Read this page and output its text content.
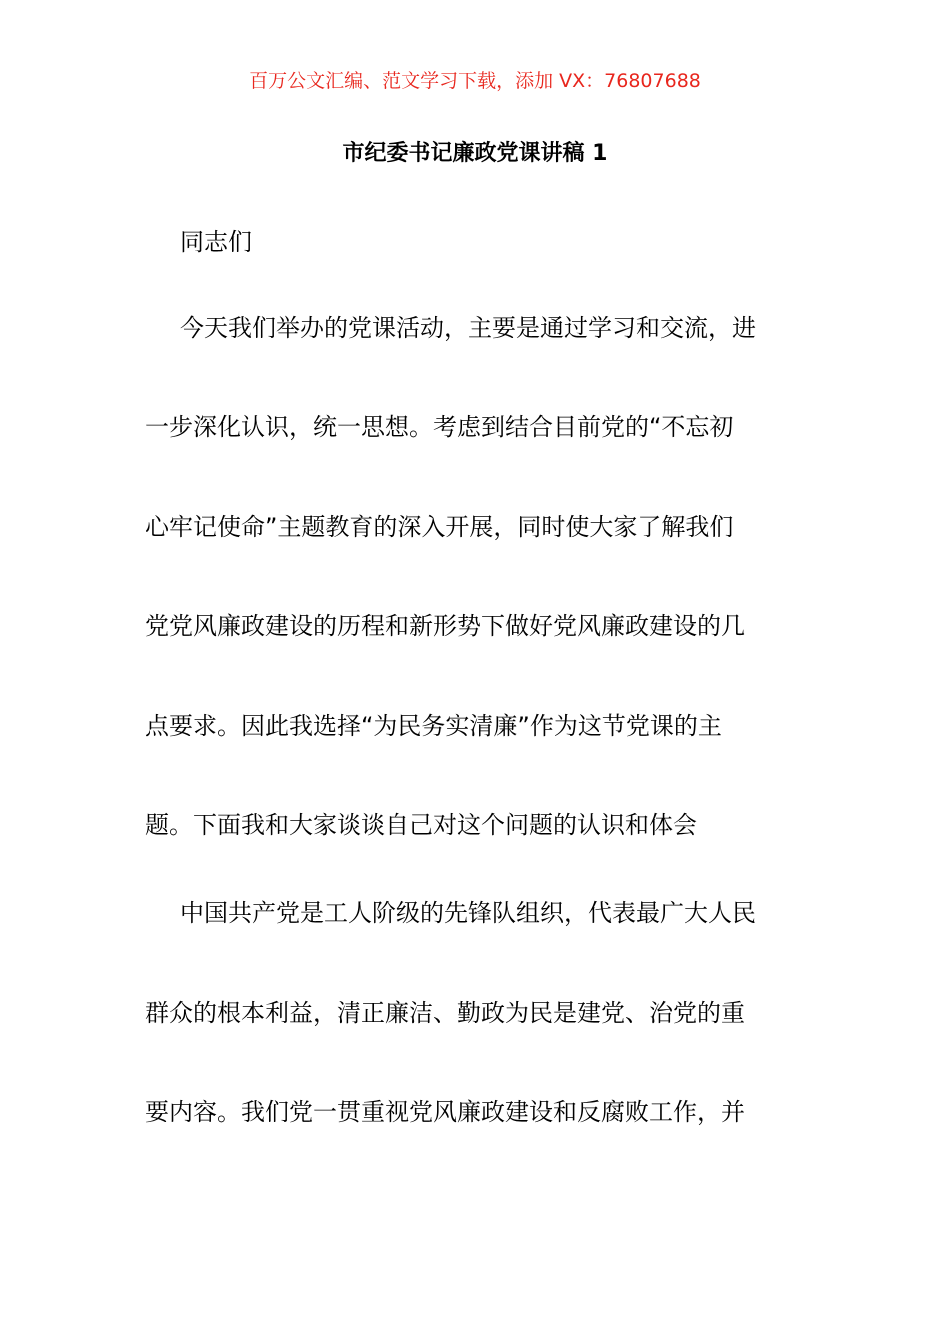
百万公文汇编、范文学习下载，添加 VX：76807688
市纪委书记廉政党课讲稿 1
同志们
今天我们举办的党课活动，主要是通过学习和交流，进
一步深化认识，统一思想。考虑到结合目前党的“不忘初
心牢记使命”主题教育的深入开展，同时使大家了解我们
党党风廉政建设的历程和新形势下做好党风廉政建设的几
点要求。因此我选择“为民务实清廉”作为这节党课的主
题。下面我和大家谈谈自己对这个问题的认识和体会
中国共产党是工人阶级的先锋队组织，代表最广大人民
群众的根本利益，清正廉洁、勤政为民是建党、治党的重
要内容。我们党一贯重视党风廉政建设和反腐败工作，并
